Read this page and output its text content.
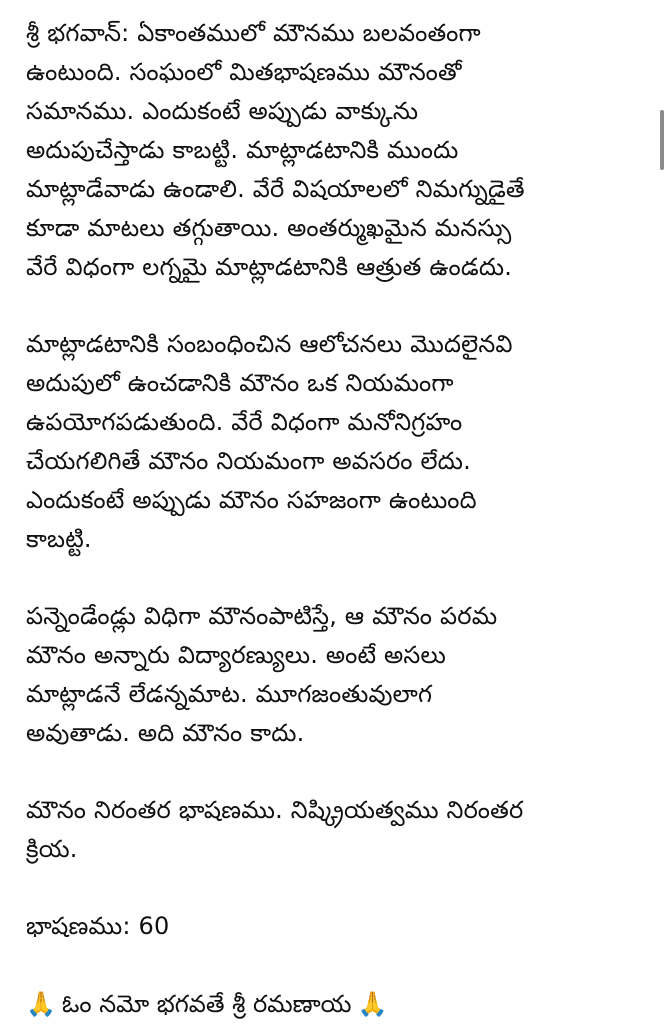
శ్రీ భగవాన్: ఏకాంతములో మౌనము బలవంతంగా
ఉంటుంది. సంఘంలో మితభాషణము మౌనంతో
సమానము. ఎందుకంటే అప్పుడు వాక్కును
అదుపుచేస్తాడు కాబట్టి. మాట్లాడటానికి ముందు
మాట్లాడేవాడు ఉండాలి. వేరే విషయాలలో నిమగ్నుడైతే
కూడా మాటలు తగ్గుతాయి. అంతర్ముఖమైన మనస్సు
వేరే విధంగా లగ్నమై మాట్లాడటానికి ఆత్రుత ఉండదు.
మాట్లాడటానికి సంబంధించిన ఆలోచనలు మొదలైనవి
అదుపులో ఉంచడానికి మౌనం ఒక నియమంగా
ఉపయోగపడుతుంది. వేరే విధంగా మనోనిగ్రహం
చేయగలిగితే మౌనం నియమంగా అవసరం లేదు.
ఎందుకంటే అప్పుడు మౌనం సహజంగా ఉంటుంది
కాబట్టి.
పన్నెండేండ్లు విధిగా మౌనంపాటిస్తే, ఆ మౌనం పరమ
మౌనం అన్నారు విద్యారణ్యులు. అంటే అసలు
మాట్లాడనే లేడన్నమాట. మూగజంతువులాగ
అవుతాడు. అది మౌనం కాదు.
మౌనం నిరంతర భాషణము. నిష్క్రియత్వము నిరంతర
క్రియ.
భాషణము: 60
🙏 ఓం నమో భగవతే శ్రీ రమణాయ 🙏
